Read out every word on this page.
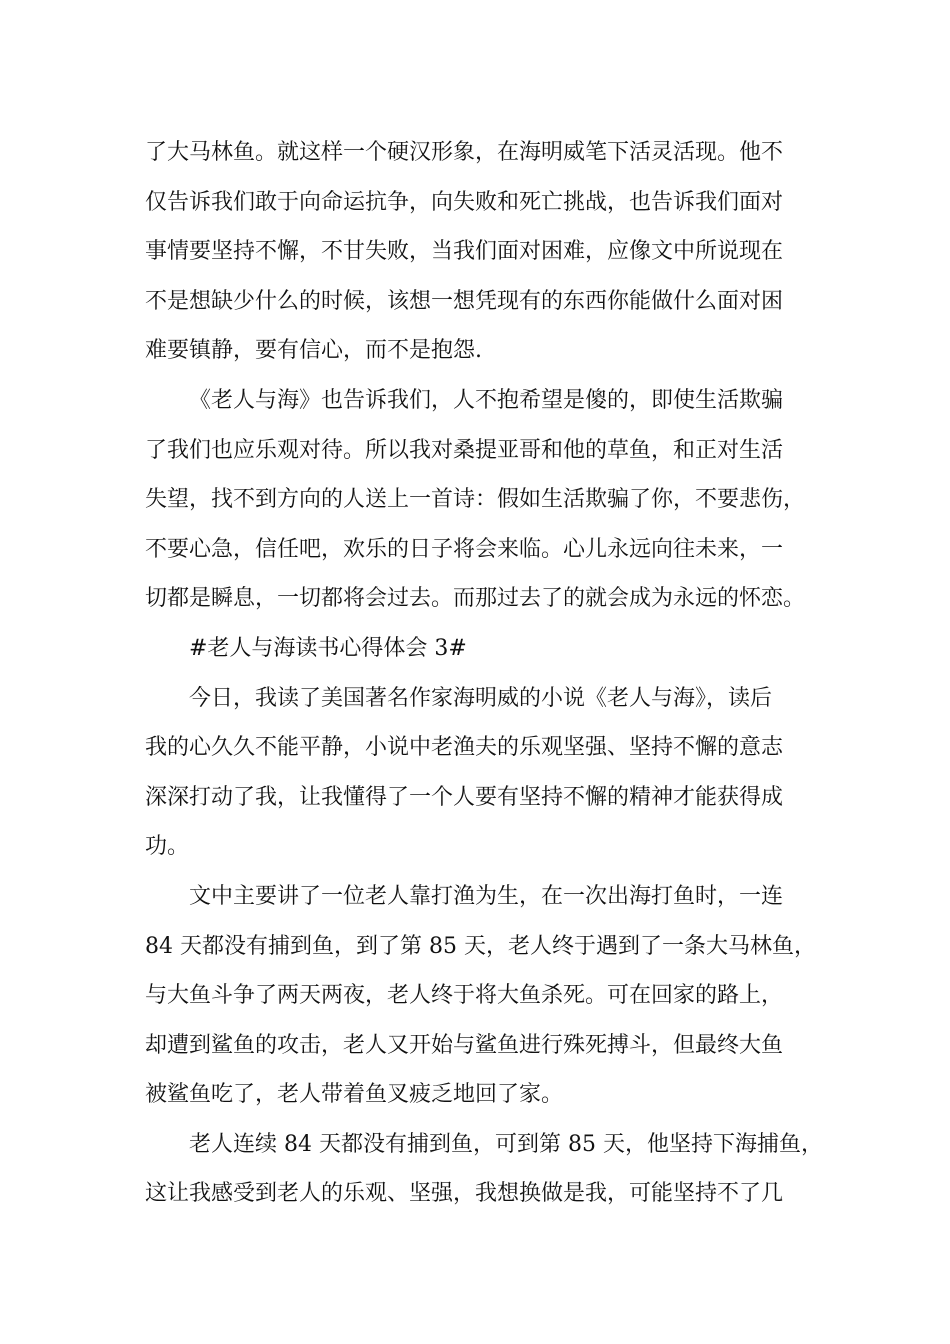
了大马林鱼。就这样一个硬汉形象，在海明威笔下活灵活现。他不
仅告诉我们敢于向命运抗争，向失败和死亡挑战，也告诉我们面对
事情要坚持不懈，不甘失败，当我们面对困难，应像文中所说现在
不是想缺少什么的时候，该想一想凭现有的东西你能做什么面对困
难要镇静，要有信心，而不是抱怨.
《老人与海》也告诉我们，人不抱希望是傻的，即使生活欺骗
了我们也应乐观对待。所以我对桑提亚哥和他的草鱼，和正对生活
失望，找不到方向的人送上一首诗：假如生活欺骗了你，不要悲伤，
不要心急，信任吧，欢乐的日子将会来临。心儿永远向往未来，一
切都是瞬息，一切都将会过去。而那过去了的就会成为永远的怀恋。
#老人与海读书心得体会 3#
今日，我读了美国著名作家海明威的小说《老人与海》，读后
我的心久久不能平静，小说中老渔夫的乐观坚强、坚持不懈的意志
深深打动了我，让我懂得了一个人要有坚持不懈的精神才能获得成
功。
文中主要讲了一位老人靠打渔为生，在一次出海打鱼时，一连
84 天都没有捕到鱼，到了第 85 天，老人终于遇到了一条大马林鱼，
与大鱼斗争了两天两夜，老人终于将大鱼杀死。可在回家的路上，
却遭到鲨鱼的攻击，老人又开始与鲨鱼进行殊死搏斗，但最终大鱼
被鲨鱼吃了，老人带着鱼叉疲乏地回了家。
老人连续 84 天都没有捕到鱼，可到第 85 天，他坚持下海捕鱼，
这让我感受到老人的乐观、坚强，我想换做是我，可能坚持不了几
